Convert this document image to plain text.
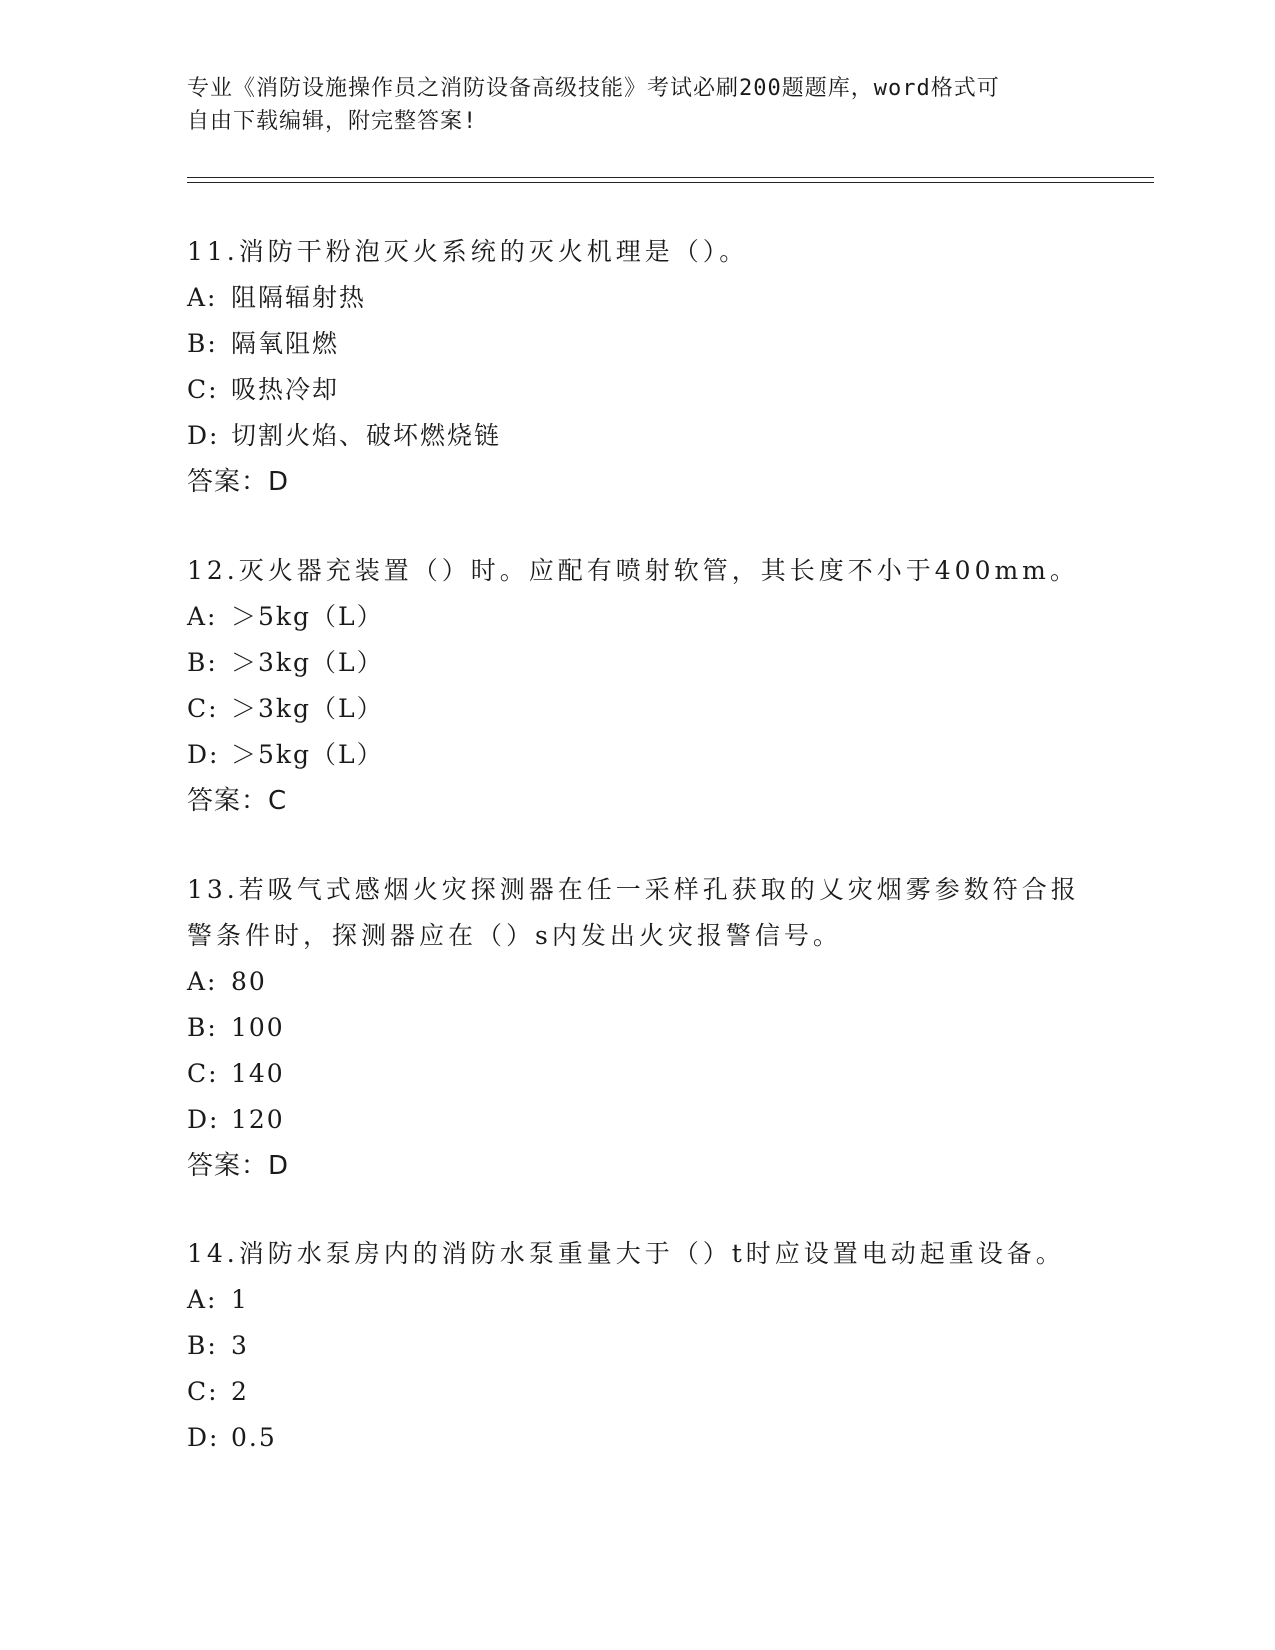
专业《消防设施操作员之消防设备高级技能》考试必刷200题题库，word格式可
自由下载编辑，附完整答案!
11.消防干粉泡灭火系统的灭火机理是（）。
A: 阻隔辐射热
B: 隔氧阻燃
C: 吸热冷却
D: 切割火焰、破坏燃烧链
答案：D
12.灭火器充装置（）时。应配有喷射软管，其长度不小于400mm。
A: ＞5kg（L）
B: ＞3kg（L）
C: ＞3kg（L）
D: ＞5kg（L）
答案：C
13.若吸气式感烟火灾探测器在任一采样孔获取的乂灾烟雾参数符合报
警条件时，探测器应在（）s内发出火灾报警信号。
A: 80
B: 100
C: 140
D: 120
答案：D
14.消防水泵房内的消防水泵重量大于（）t时应设置电动起重设备。
A: 1
B: 3
C: 2
D: 0.5
